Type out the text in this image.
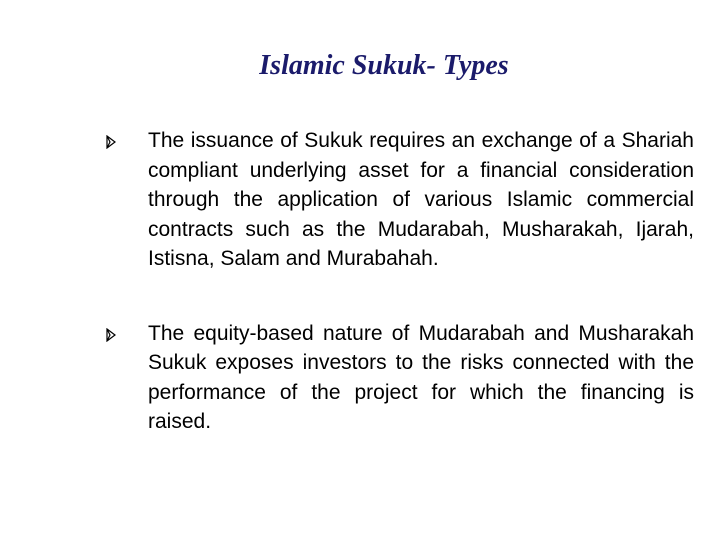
Islamic Sukuk- Types
The issuance of Sukuk requires an exchange of a Shariah compliant underlying asset for a financial consideration through the application of various Islamic commercial contracts such as the Mudarabah, Musharakah, Ijarah, Istisna, Salam and Murabahah.
The equity-based nature of Mudarabah and Musharakah Sukuk exposes investors to the risks connected with the performance of the project for which the financing is raised.
